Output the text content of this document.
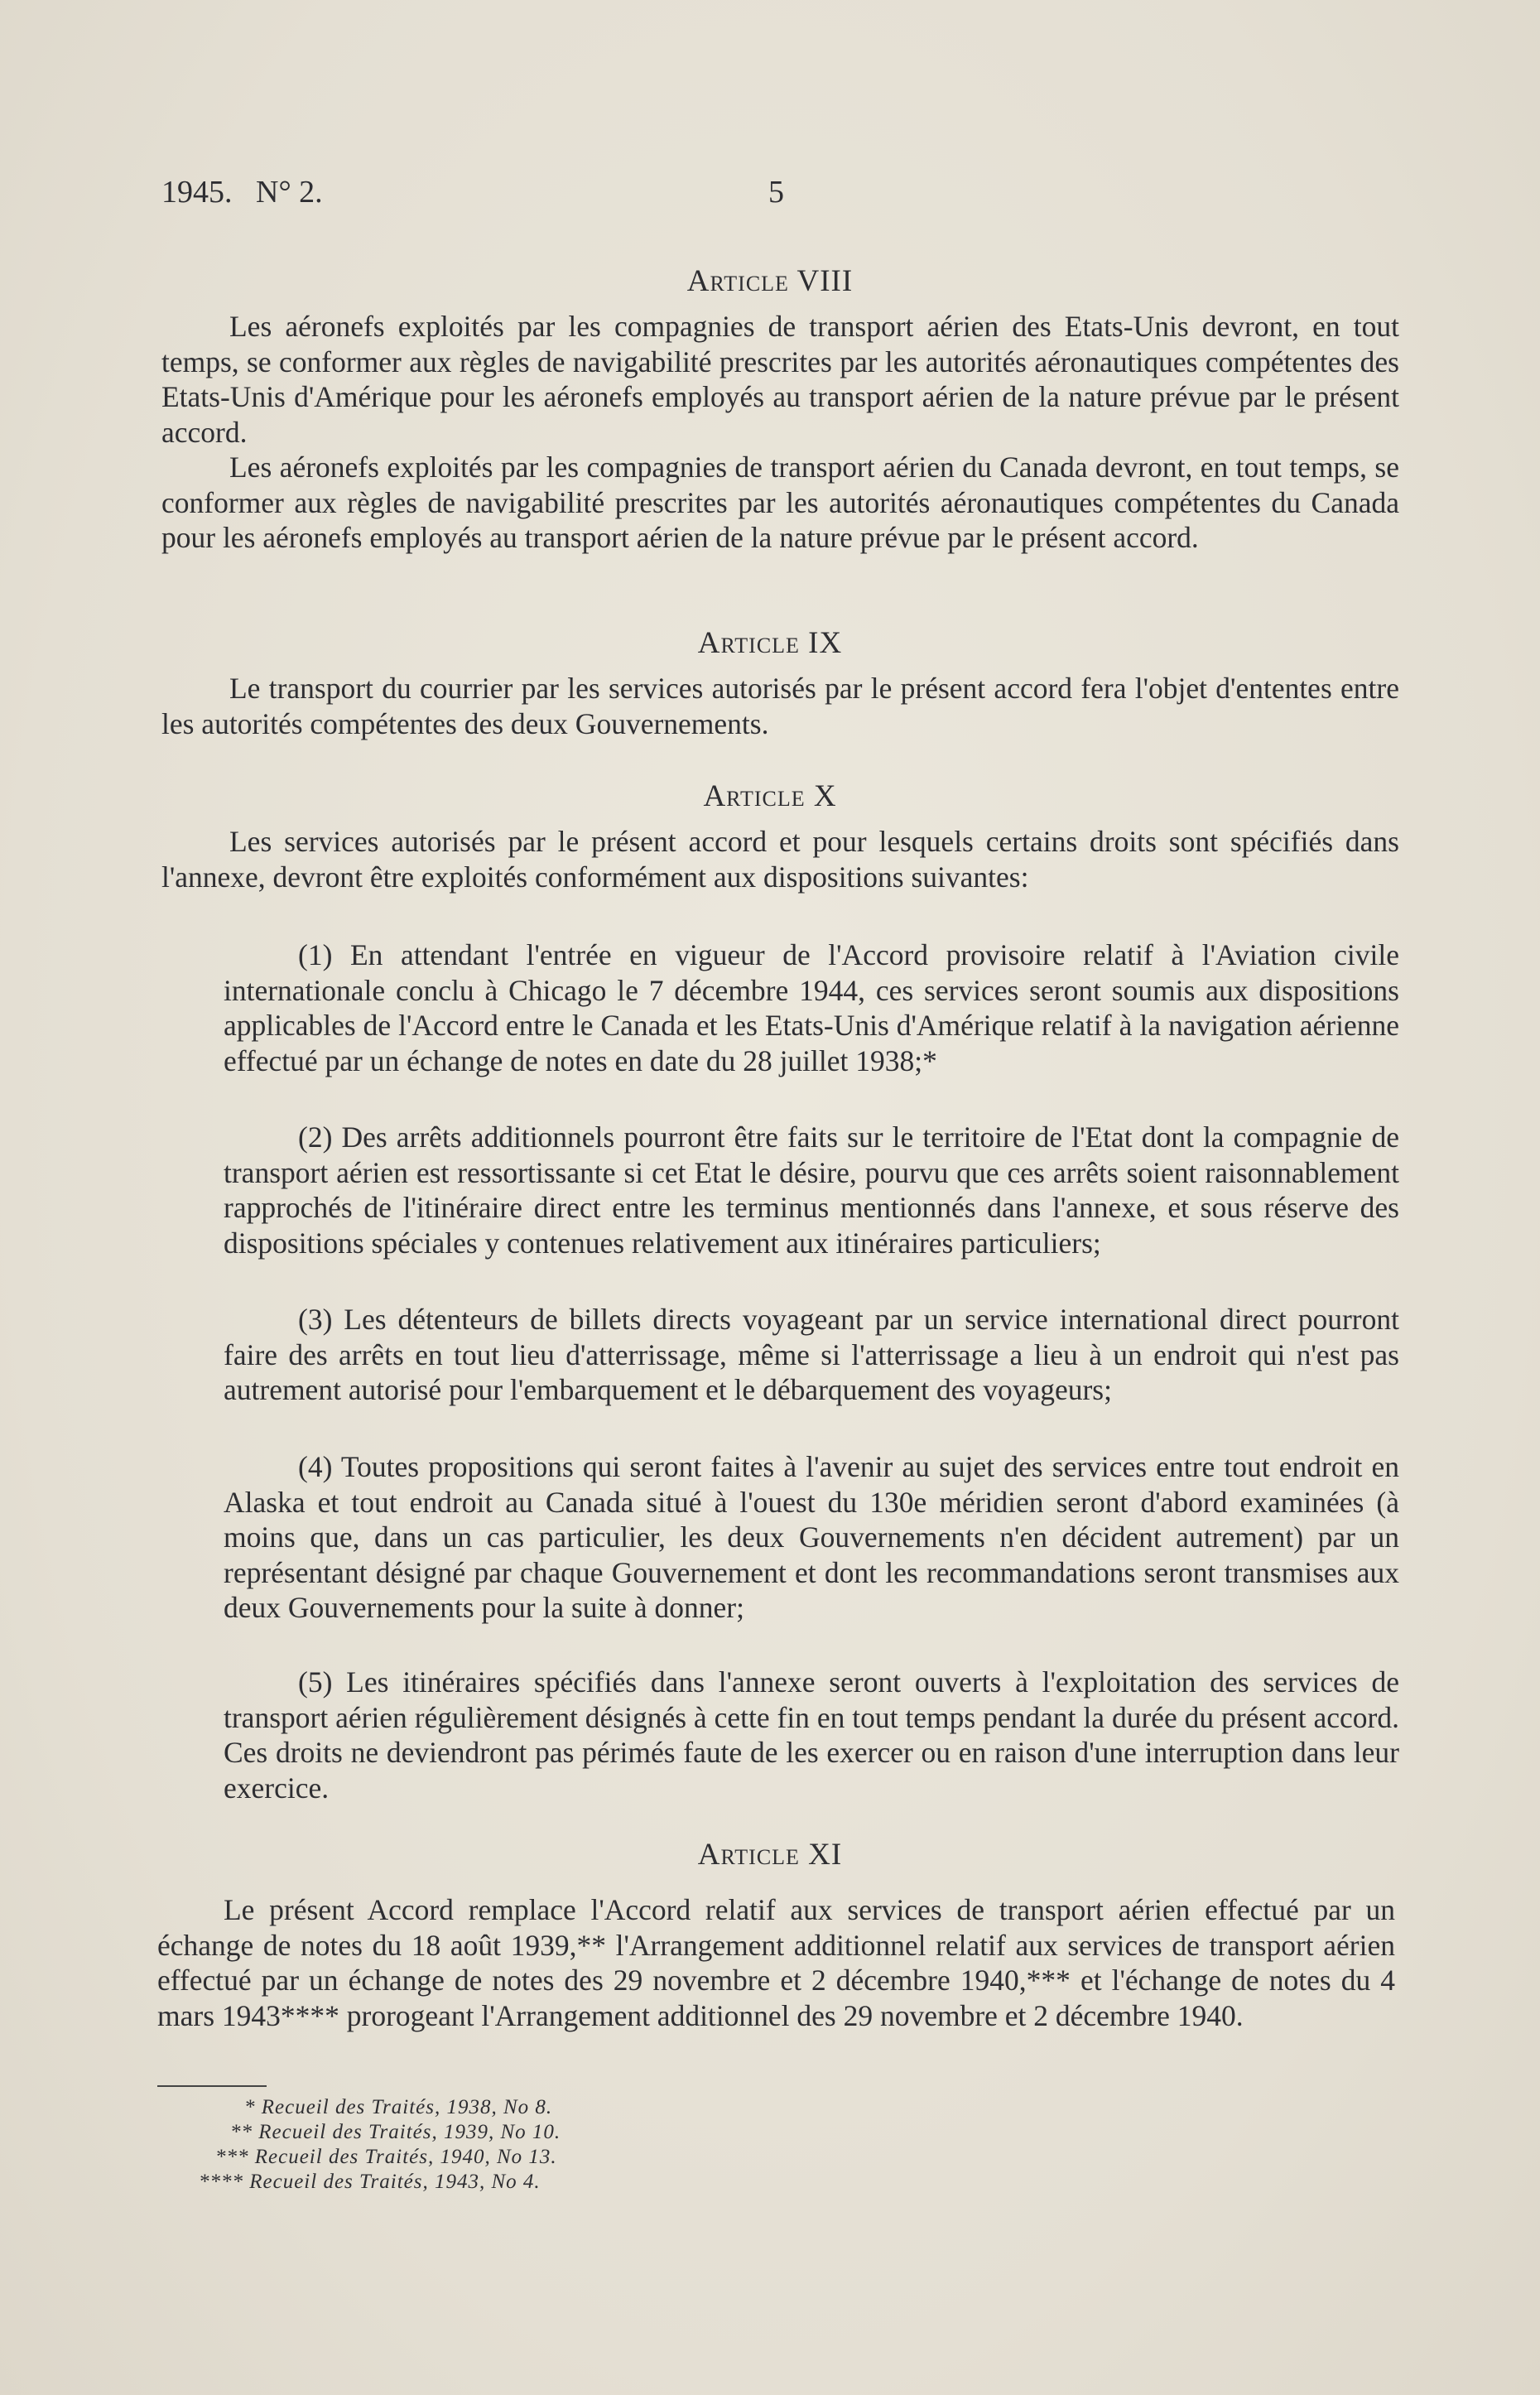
1945.   N° 2.	5
Article VIII

Les aéronefs exploités par les compagnies de transport aérien des Etats-Unis devront, en tout temps, se conformer aux règles de navigabilité prescrites par les autorités aéronautiques compétentes des Etats-Unis d'Amérique pour les aéronefs employés au transport aérien de la nature prévue par le présent accord.

Les aéronefs exploités par les compagnies de transport aérien du Canada devront, en tout temps, se conformer aux règles de navigabilité prescrites par les autorités aéronautiques compétentes du Canada pour les aéronefs employés au transport aérien de la nature prévue par le présent accord.

Article IX

Le transport du courrier par les services autorisés par le présent accord fera l'objet d'ententes entre les autorités compétentes des deux Gouvernements.

Article X

Les services autorisés par le présent accord et pour lesquels certains droits sont spécifiés dans l'annexe, devront être exploités conformément aux dispositions suivantes:

(1) En attendant l'entrée en vigueur de l'Accord provisoire relatif à l'Aviation civile internationale conclu à Chicago le 7 décembre 1944, ces services seront soumis aux dispositions applicables de l'Accord entre le Canada et les Etats-Unis d'Amérique relatif à la navigation aérienne effectué par un échange de notes en date du 28 juillet 1938;*

(2) Des arrêts additionnels pourront être faits sur le territoire de l'Etat dont la compagnie de transport aérien est ressortissante si cet Etat le désire, pourvu que ces arrêts soient raisonnablement rapprochés de l'itinéraire direct entre les terminus mentionnés dans l'annexe, et sous réserve des dispositions spéciales y contenues relativement aux itinéraires particuliers;

(3) Les détenteurs de billets directs voyageant par un service international direct pourront faire des arrêts en tout lieu d'atterrissage, même si l'atterrissage a lieu à un endroit qui n'est pas autrement autorisé pour l'embarquement et le débarquement des voyageurs;

(4) Toutes propositions qui seront faites à l'avenir au sujet des services entre tout endroit en Alaska et tout endroit au Canada situé à l'ouest du 130e méridien seront d'abord examinées (à moins que, dans un cas particulier, les deux Gouvernements n'en décident autrement) par un représentant désigné par chaque Gouvernement et dont les recommandations seront transmises aux deux Gouvernements pour la suite à donner;

(5) Les itinéraires spécifiés dans l'annexe seront ouverts à l'exploitation des services de transport aérien régulièrement désignés à cette fin en tout temps pendant la durée du présent accord. Ces droits ne deviendront pas périmés faute de les exercer ou en raison d'une interruption dans leur exercice.

Article XI

Le présent Accord remplace l'Accord relatif aux services de transport aérien effectué par un échange de notes du 18 août 1939,** l'Arrangement additionnel relatif aux services de transport aérien effectué par un échange de notes des 29 novembre et 2 décembre 1940,*** et l'échange de notes du 4 mars 1943**** prorogeant l'Arrangement additionnel des 29 novembre et 2 décembre 1940.

* Recueil des Traités, 1938, No 8.
** Recueil des Traités, 1939, No 10.
*** Recueil des Traités, 1940, No 13.
**** Recueil des Traités, 1943, No 4.
